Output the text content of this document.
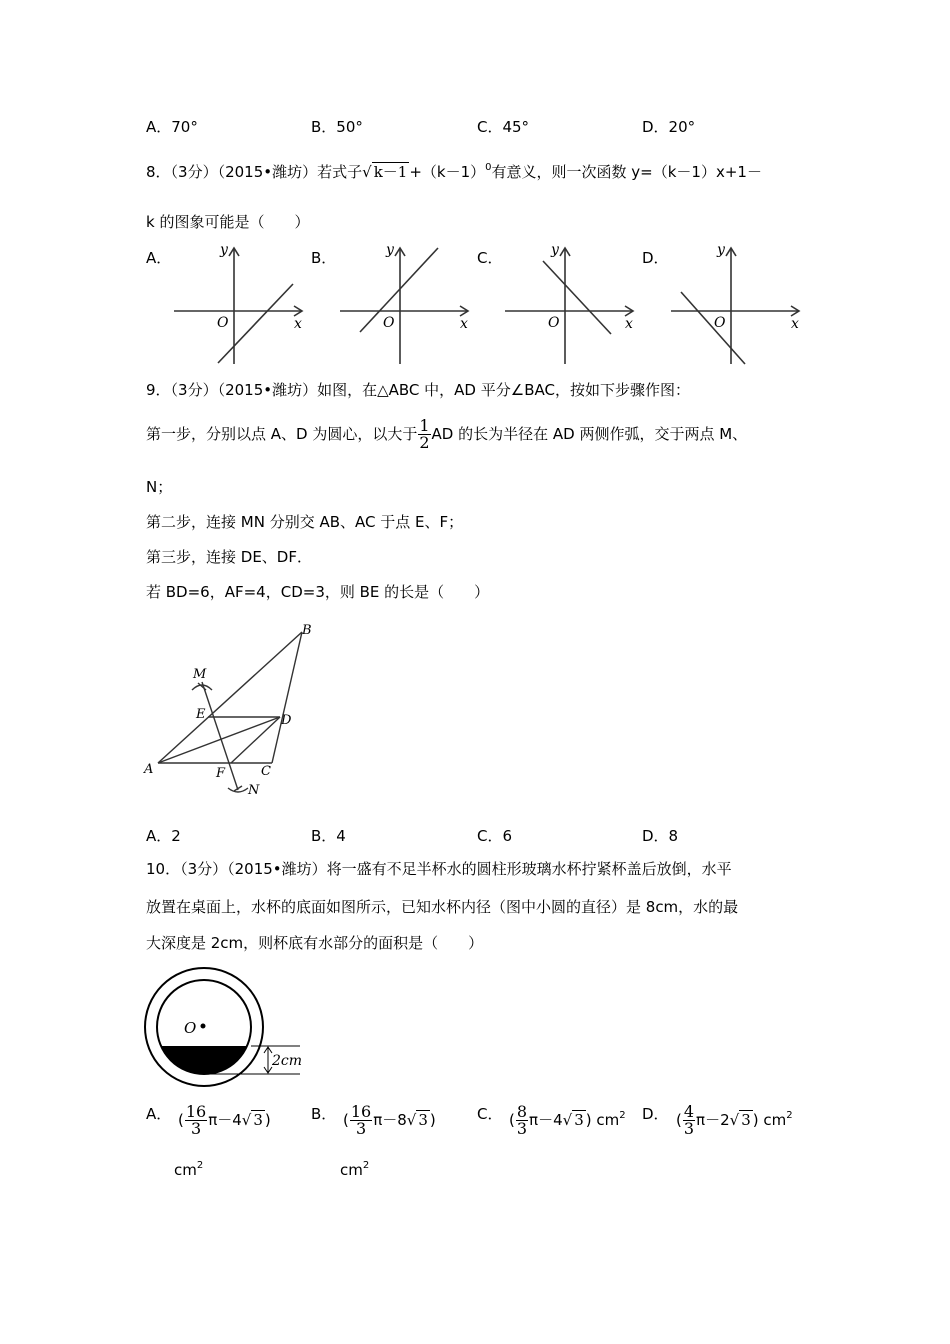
A．70°	B．50°	C．45°	D．20°
8．（3分）（2015•潍坊）若式子√ $k-1 +(k-1)^0$有意义，则一次函数 y=（k－1）x+1－
k 的图象可能是（　　）
A．	B．	C．	D．
y
x
O
y
x
O
y
x
O
y
x
O
9．（3分）（2015•潍坊）如图，在△ABC 中，AD 平分∠BAC，按如下步骤作图：
第一步，分别以点 A、D 为圆心，以大于 $\frac{1}{2}$ AD 的长为半径在 AD 两侧作弧，交于两点 M、
N；
第二步，连接 MN 分别交 AB、AC 于点 E、F；
第三步，连接 DE、DF．
若 BD=6，AF=4，CD=3，则 BE 的长是（　　）
B
M
E	D
A	F	C
N
A．2	B．4	C．6	D．8
10．（3分）（2015•潍坊）将一盛有不足半杯水的圆柱形玻璃水杯拧紧杯盖后放倒，水平
放置在桌面上，水杯的底面如图所示，已知水杯内径（图中小圆的直径）是 8cm，水的最
大深度是 2cm，则杯底有水部分的面积是（　　）
O
2cm
A． ( $\frac{16}{3} \pi-4√$ 3 )
$cm^2$
B． ( $\frac{16}{3} \pi-8√$ 3 )
$cm^2$
C． ( $\frac{8}{3} \pi-4√$ 3 ) $cm^2$ D． ( $\frac{4}{3} \pi-2√$ 3 ) $cm^2$
